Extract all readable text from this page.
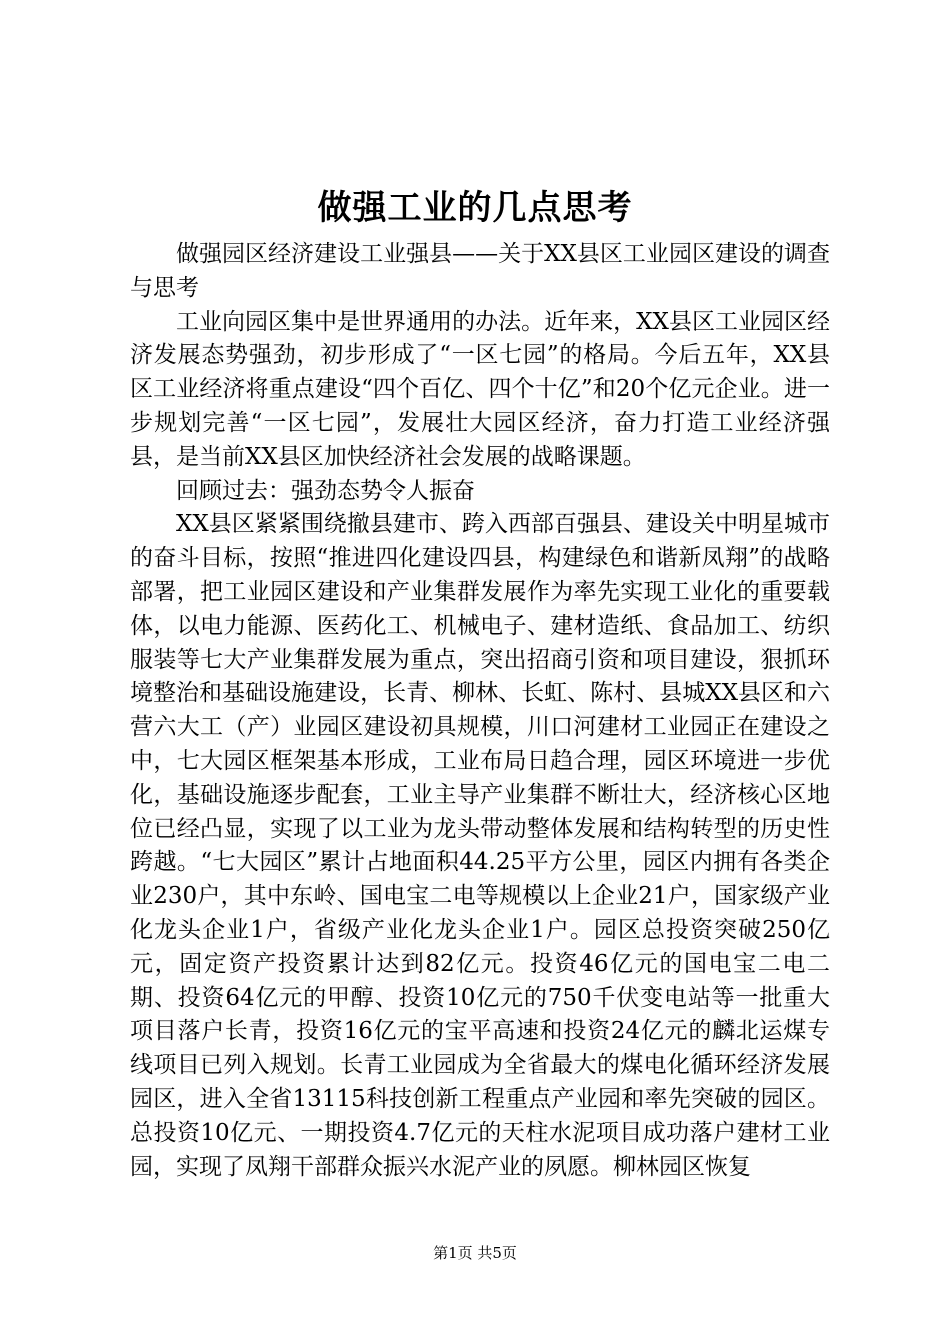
做强工业的几点思考

做强园区经济建设工业强县——关于XX县区工业园区建设的调查与思考

工业向园区集中是世界通用的办法。近年来，XX县区工业园区经济发展态势强劲，初步形成了“一区七园”的格局。今后五年，XX县区工业经济将重点建设“四个百亿、四个十亿”和20个亿元企业。进一步规划完善“一区七园”，发展壮大园区经济，奋力打造工业经济强县，是当前XX县区加快经济社会发展的战略课题。

回顾过去：强劲态势令人振奋

XX县区紧紧围绕撤县建市、跨入西部百强县、建设关中明星城市的奋斗目标，按照“推进四化建设四县，构建绿色和谐新凤翔”的战略部署，把工业园区建设和产业集群发展作为率先实现工业化的重要载体，以电力能源、医药化工、机械电子、建材造纸、食品加工、纺织服装等七大产业集群发展为重点，突出招商引资和项目建设，狠抓环境整治和基础设施建设，长青、柳林、长虹、陈村、县城XX县区和六营六大工（产）业园区建设初具规模，川口河建材工业园正在建设之中，七大园区框架基本形成，工业布局日趋合理，园区环境进一步优化，基础设施逐步配套，工业主导产业集群不断壮大，经济核心区地位已经凸显，实现了以工业为龙头带动整体发展和结构转型的历史性跨越。“七大园区”累计占地面积44.25平方公里，园区内拥有各类企业230户，其中东岭、国电宝二电等规模以上企业21户，国家级产业化龙头企业1户，省级产业化龙头企业1户。园区总投资突破250亿元，固定资产投资累计达到82亿元。投资46亿元的国电宝二电二期、投资64亿元的甲醇、投资10亿元的750千伏变电站等一批重大项目落户长青，投资16亿元的宝平高速和投资24亿元的麟北运煤专线项目已列入规划。长青工业园成为全省最大的煤电化循环经济发展园区，进入全省13115科技创新工程重点产业园和率先突破的园区。总投资10亿元、一期投资4.7亿元的天柱水泥项目成功落户建材工业园，实现了凤翔干部群众振兴水泥产业的夙愿。柳林园区恢复

第1页 共5页
